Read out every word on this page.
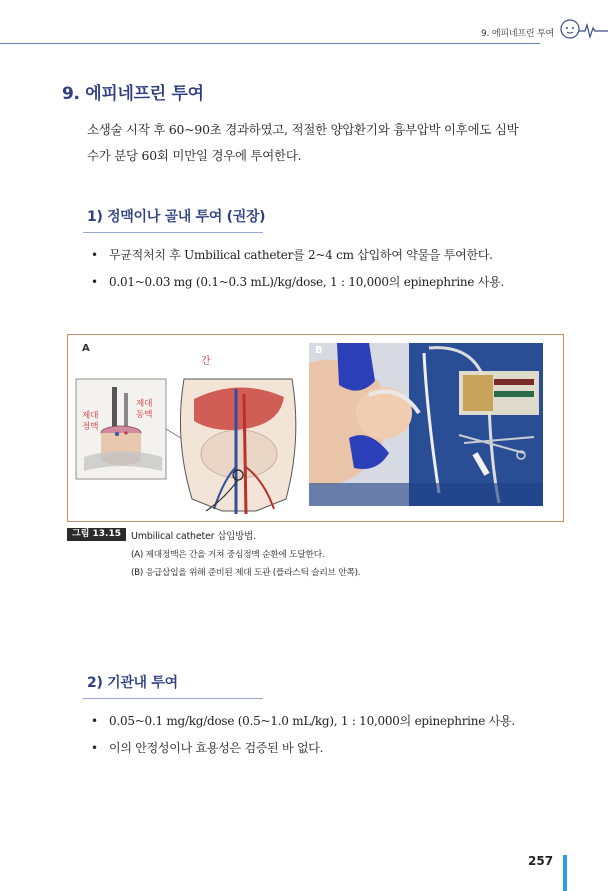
9. 에피네프린 투여
9. 에피네프린 투여
소생술 시작 후 60~90초 경과하였고, 적절한 양압환기와 흉부압박 이후에도 심박
수가 분당 60회 미만일 경우에 투여한다.
1) 정맥이나 골내 투여 (권장)
• 무균적처치 후 Umbilical catheter를 2~4 cm 삽입하여 약물을 투여한다.
• 0.01~0.03 mg (0.1~0.3 mL)/kg/dose, 1 : 10,000의 epinephrine 사용.
A
간
제대
동맥
제대
정맥
B
그림 13.15	Umbilical catheter 삽입방법.
(A) 제대정맥은 간을 거쳐 중심정맥 순환에 도달한다.
(B) 응급삽입을 위해 준비된 제대 도관 (플라스틱 슬리브 안쪽).
2) 기관내 투여
• 0.05~0.1 mg/kg/dose (0.5~1.0 mL/kg), 1 : 10,000의 epinephrine 사용.
• 이의 안정성이나 효용성은 검증된 바 없다.
257
